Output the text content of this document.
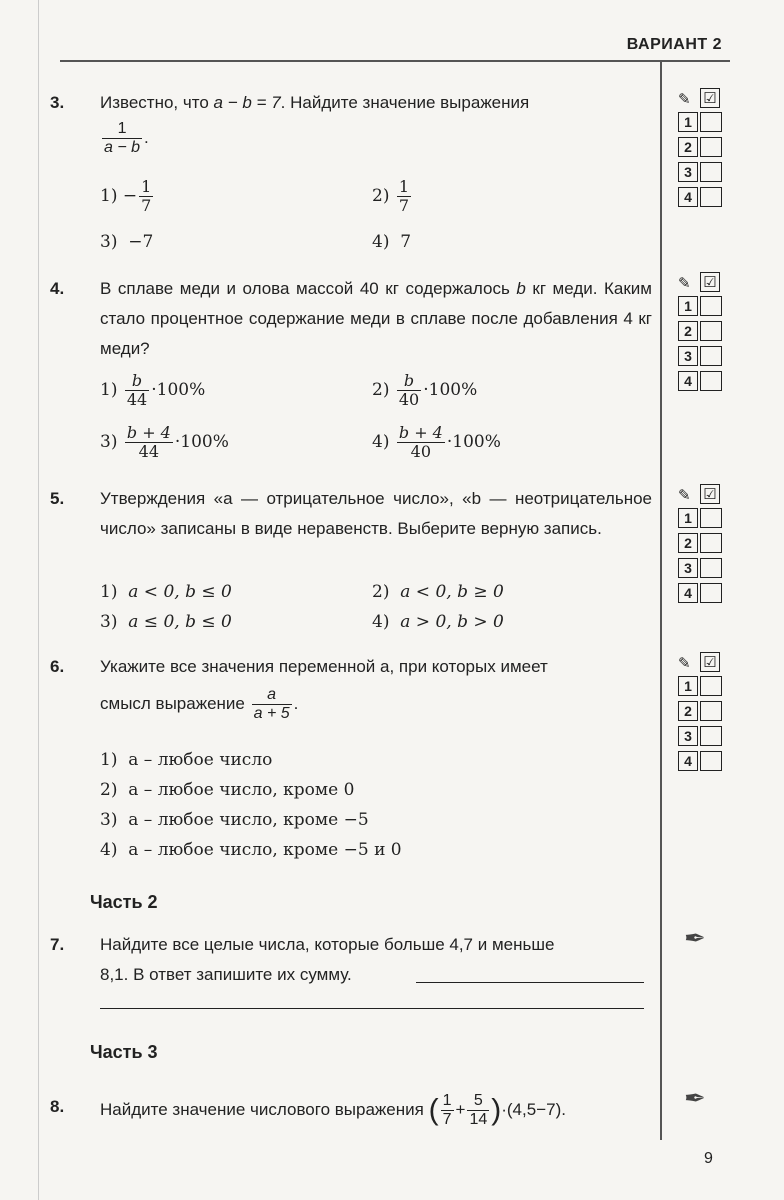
ВАРИАНТ 2
3. Известно, что a − b = 7. Найдите значение выражения
$\frac{1}{a - b}$ .
$1) - \frac{1}{7}$	$2) \frac{1}{7}$
3) −7	4) 7
4. В сплаве меди и олова массой 40 кг содержалось b кг меди. Каким стало процентное содержание меди в сплаве после добавления 4 кг меди?
$1) \frac{b}{44} \cdot 100\%$	$2) \frac{b}{40} \cdot 100\%$
$3) \frac{b + 4}{44} \cdot 100\%$	$4) \frac{b + 4}{40} \cdot 100\%$
5. Утверждения «a — отрицательное число», «b — неотрицательное число» записаны в виде неравенств. Выберите верную запись.
1) a < 0, b ≤ 0	2) a < 0, b ≥ 0
3) a ≤ 0, b ≤ 0	4) a > 0, b > 0
6. Укажите все значения переменной a, при которых имеет
смысл выражение $\frac{a}{a + 5}$ .
1) a – любое число
2) a – любое число, кроме 0
3) a – любое число, кроме −5
4) a – любое число, кроме −5 и 0
Часть 2
7. Найдите все целые числа, которые больше 4,7 и меньше
8,1. В ответ запишите их сумму.
✒
Часть 3
8. Найдите значение числового выражения ( $\frac{1}{7} + \frac{5}{14} )\cdot(4,5-7)$.	✒
✎ ☑
1
2
3
4
✎ ☑
1
2
3
4
✎ ☑
1
2
3
4
✎ ☑
1
2
3
4
9
